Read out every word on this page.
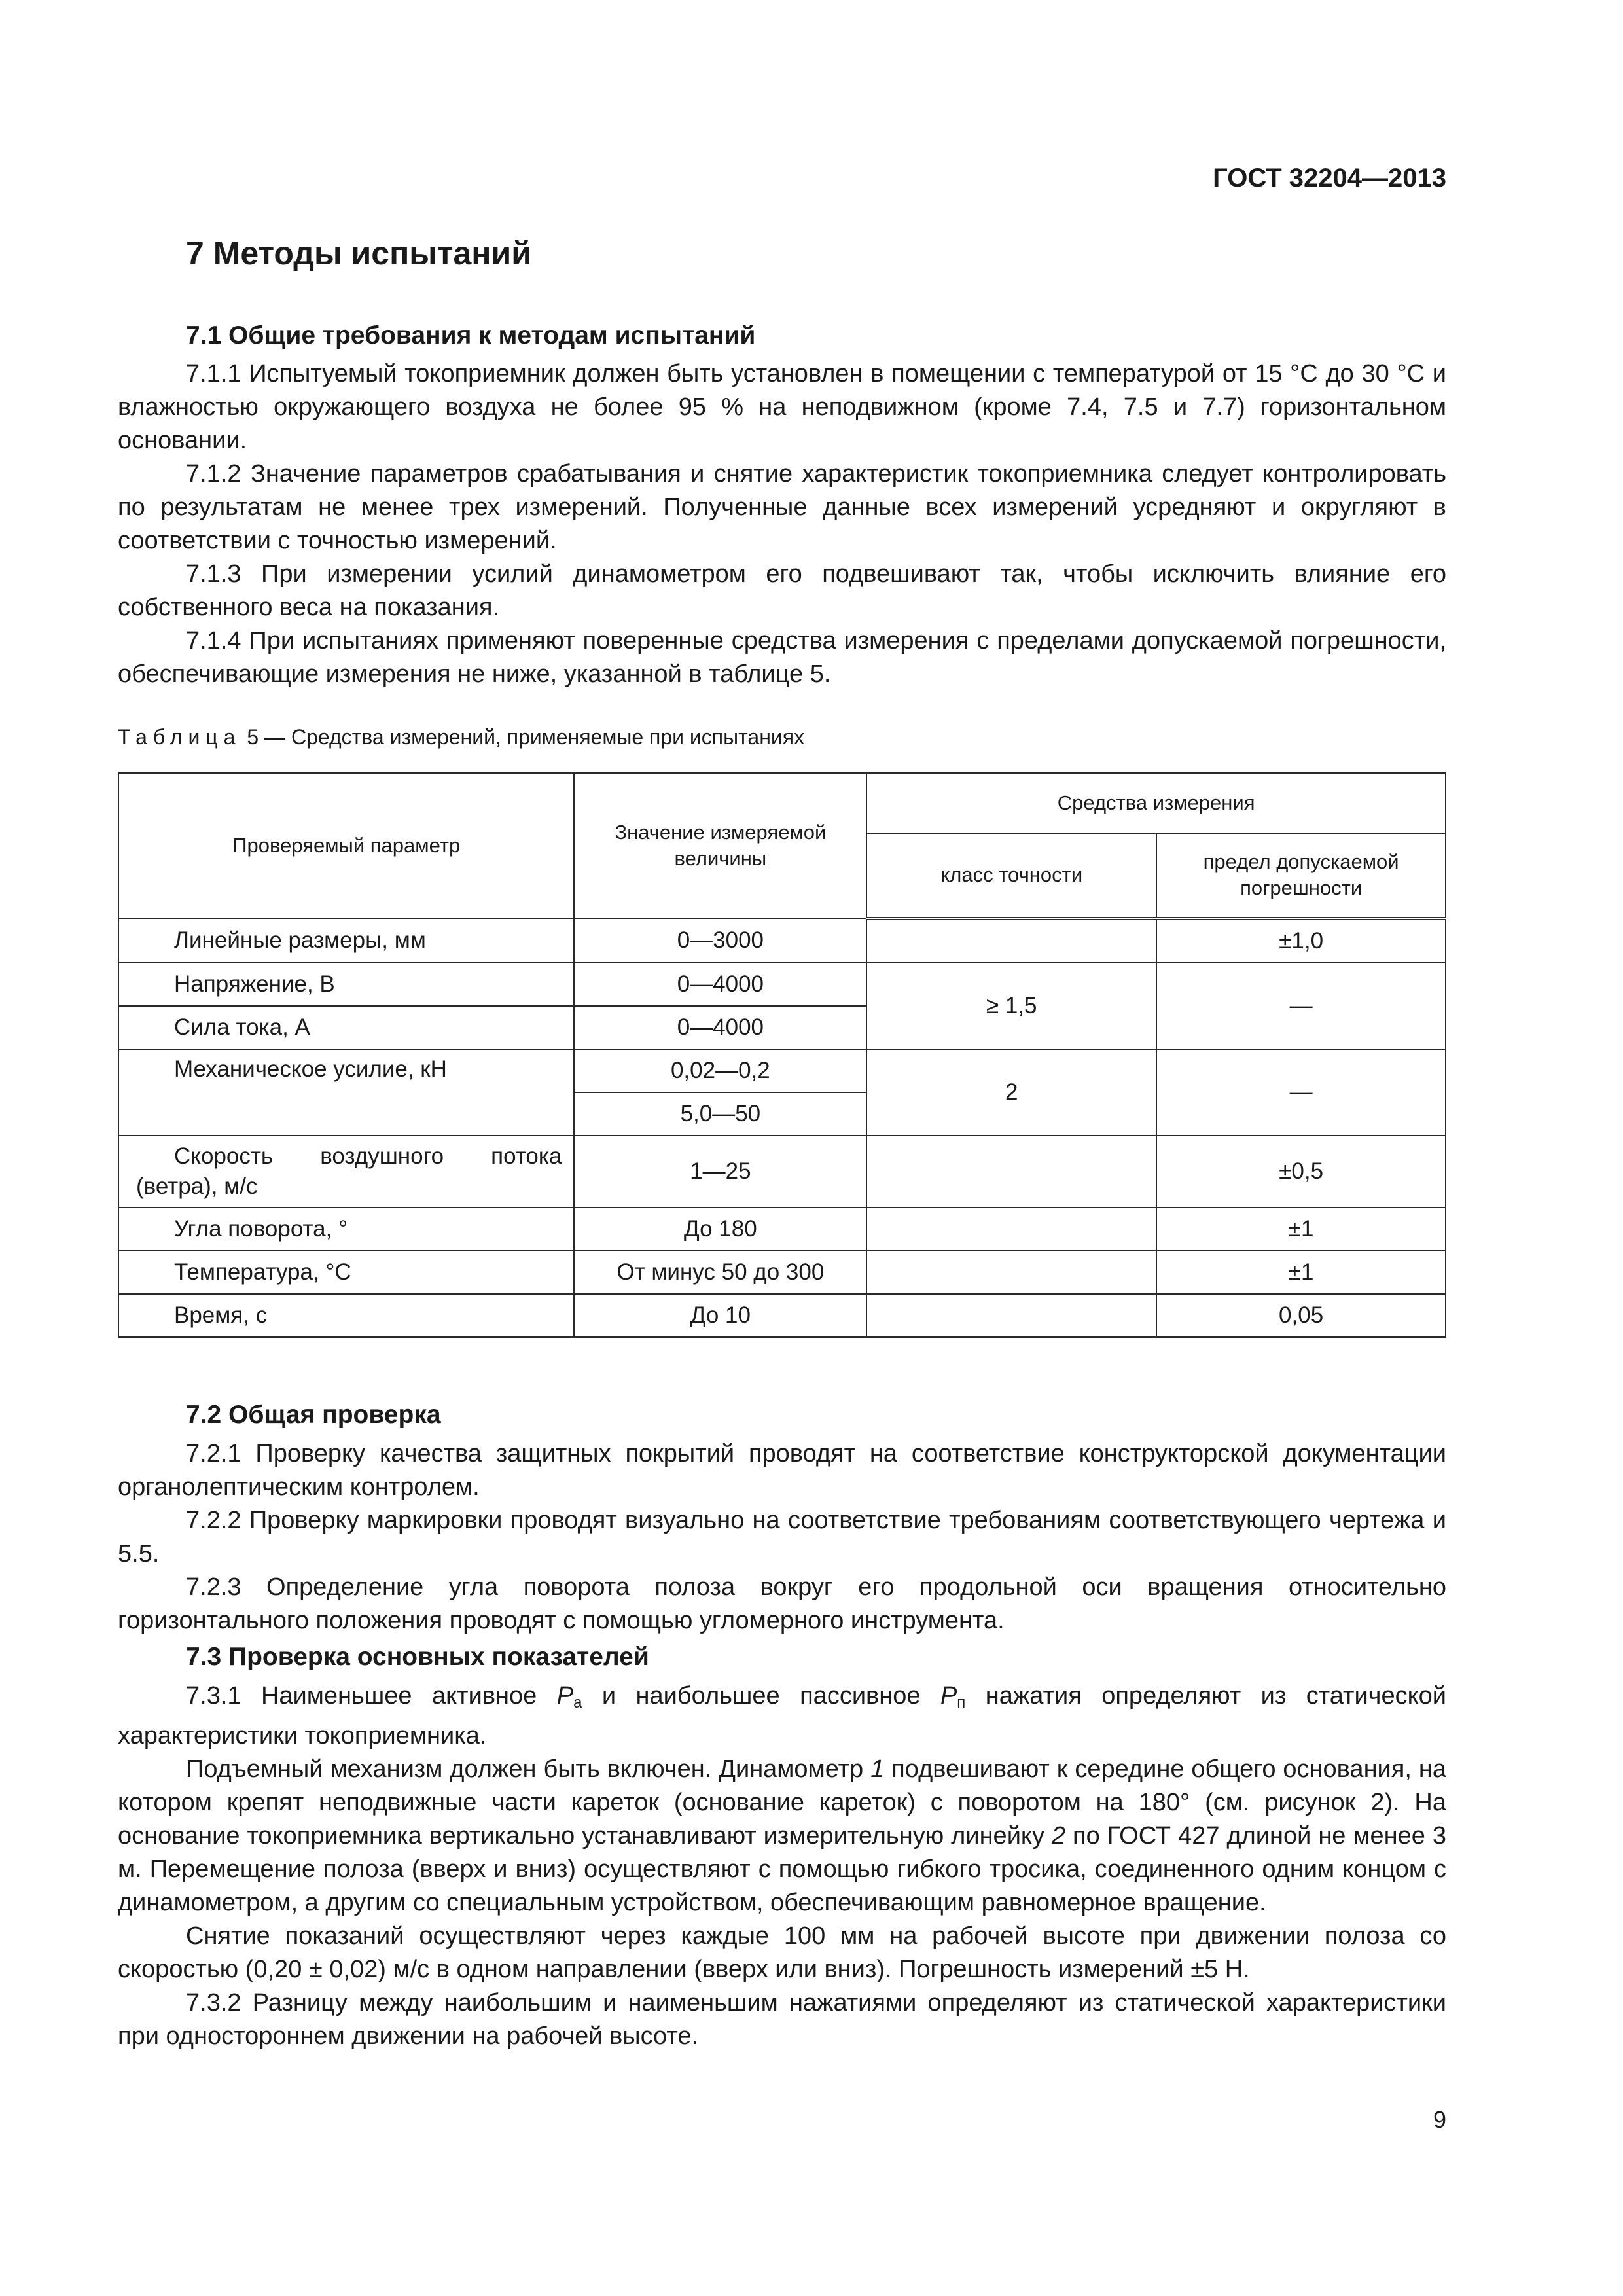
ГОСТ 32204—2013
7 Методы испытаний
7.1 Общие требования к методам испытаний

7.1.1 Испытуемый токоприемник должен быть установлен в помещении с температурой от 15 °С до 30 °С и влажностью окружающего воздуха не более 95 % на неподвижном (кроме 7.4, 7.5 и 7.7) горизонтальном основании.

7.1.2 Значение параметров срабатывания и снятие характеристик токоприемника следует контролировать по результатам не менее трех измерений. Полученные данные всех измерений усредняют и округляют в соответствии с точностью измерений.

7.1.3 При измерении усилий динамометром его подвешивают так, чтобы исключить влияние его собственного веса на показания.

7.1.4 При испытаниях применяют поверенные средства измерения с пределами допускаемой погрешности, обеспечивающие измерения не ниже, указанной в таблице 5.

Таблица 5 — Средства измерений, применяемые при испытаниях
Проверяемый параметр	Значение измеряемой величины	Средства измерения	
		класс точности	предел допускаемой погрешности

Линейные размеры, мм	0—3000		±1,0
Напряжение, В	0—4000	≥ 1,5	—
Сила тока, А	0—4000		
Механическое усилие, кН	0,02—0,2	2	—
	5,0—50		

Скорость воздушного потока
(ветра), м/с	1—25		±0,5
Угла поворота, °	До 180		±1
Температура, °С	От минус 50 до 300		±1
Время, с	До 10		0,05
7.2 Общая проверка

7.2.1 Проверку качества защитных покрытий проводят на соответствие конструкторской документации органолептическим контролем.

7.2.2 Проверку маркировки проводят визуально на соответствие требованиям соответствующего чертежа и 5.5.

7.2.3 Определение угла поворота полоза вокруг его продольной оси вращения относительно горизонтального положения проводят с помощью угломерного инструмента.

7.3 Проверка основных показателей

7.3.1 Наименьшее активное $Р_а$ и наибольшее пассивное $Р_п$ нажатия определяют из статической характеристики токоприемника.

Подъемный механизм должен быть включен. Динамометр 1 подвешивают к середине общего основания, на котором крепят неподвижные части кареток (основание кареток) с поворотом на 180° (см. рисунок 2). На основание токоприемника вертикально устанавливают измерительную линейку 2 по ГОСТ 427 длиной не менее 3 м. Перемещение полоза (вверх и вниз) осуществляют с помощью гибкого тросика, соединенного одним концом с динамометром, а другим со специальным устройством, обеспечивающим равномерное вращение.

Снятие показаний осуществляют через каждые 100 мм на рабочей высоте при движении полоза со скоростью (0,20 ± 0,02) м/с в одном направлении (вверх или вниз). Погрешность измерений ±5 Н.

7.3.2 Разницу между наибольшим и наименьшим нажатиями определяют из статической характеристики при одностороннем движении на рабочей высоте.

9
